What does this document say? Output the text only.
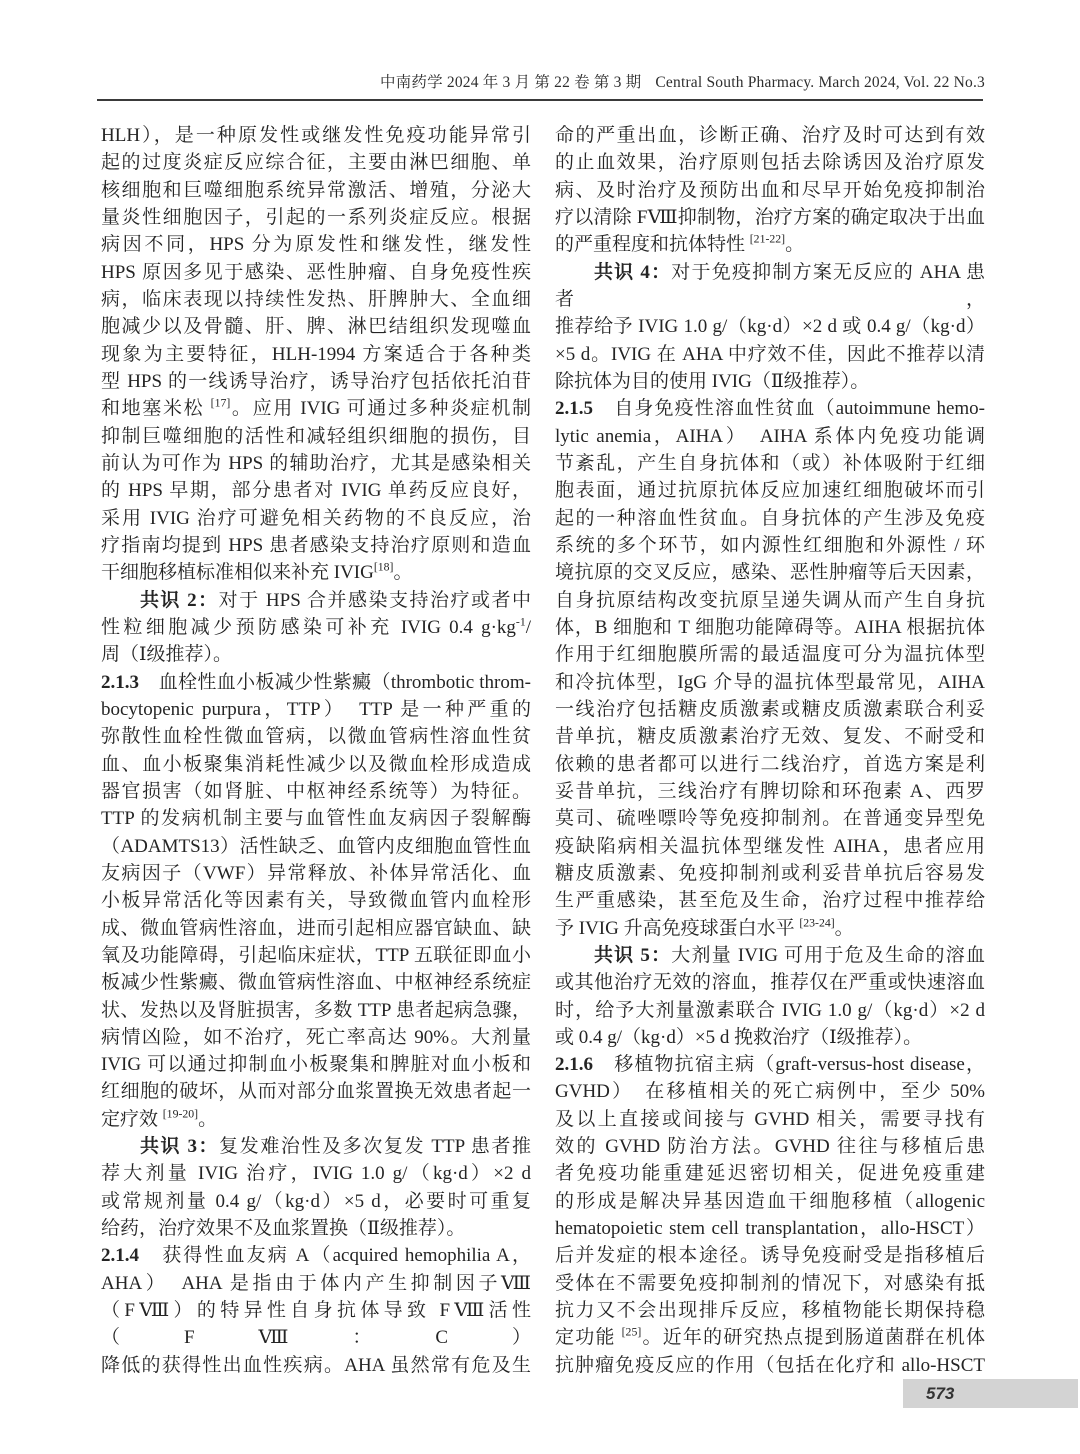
中南药学 2024 年 3 月 第 22 卷 第 3 期 Central South Pharmacy. March 2024, Vol. 22 No.3
HLH），是一种原发性或继发性免疫功能异常引
起的过度炎症反应综合征，主要由淋巴细胞、单
核细胞和巨噬细胞系统异常激活、增殖，分泌大
量炎性细胞因子，引起的一系列炎症反应。根据
病因不同，HPS 分为原发性和继发性，继发性
HPS 原因多见于感染、恶性肿瘤、自身免疫性疾
病，临床表现以持续性发热、肝脾肿大、全血细
胞减少以及骨髓、肝、脾、淋巴结组织发现噬血
现象为主要特征，HLH-1994 方案适合于各种类
型 HPS 的一线诱导治疗，诱导治疗包括依托泊苷
和地塞米松 [17]。应用 IVIG 可通过多种炎症机制
抑制巨噬细胞的活性和减轻组织细胞的损伤，目
前认为可作为 HPS 的辅助治疗，尤其是感染相关
的 HPS 早期，部分患者对 IVIG 单药反应良好，
采用 IVIG 治疗可避免相关药物的不良反应，治
疗指南均提到 HPS 患者感染支持治疗原则和造血
干细胞移植标准相似来补充 IVIG[18]。
共识 2：对于 HPS 合并感染支持治疗或者中
性粒细胞减少预防感染可补充 IVIG 0.4 $g\cdot kg^{-1}/$
周（Ⅰ级推荐）。
2.1.3　血栓性血小板减少性紫癜（thrombotic throm-
bocytopenic purpura，TTP）　TTP 是一种严重的
弥散性血栓性微血管病，以微血管病性溶血性贫
血、血小板聚集消耗性减少以及微血栓形成造成
器官损害（如肾脏、中枢神经系统等）为特征。
TTP 的发病机制主要与血管性血友病因子裂解酶
（ADAMTS13）活性缺乏、血管内皮细胞血管性血
友病因子（VWF）异常释放、补体异常活化、血
小板异常活化等因素有关，导致微血管内血栓形
成、微血管病性溶血，进而引起相应器官缺血、缺
氧及功能障碍，引起临床症状，TTP 五联征即血小
板减少性紫癜、微血管病性溶血、中枢神经系统症
状、发热以及肾脏损害，多数 TTP 患者起病急骤，
病情凶险，如不治疗，死亡率高达 90%。大剂量
IVIG 可以通过抑制血小板聚集和脾脏对血小板和
红细胞的破坏，从而对部分血浆置换无效患者起一
定疗效 [19-20]。
共识 3：复发难治性及多次复发 TTP 患者推
荐大剂量 IVIG 治疗，IVIG 1.0 g/（kg·d）×2 d
或常规剂量 0.4 g/（kg·d）×5 d，必要时可重复
给药，治疗效果不及血浆置换（Ⅱ级推荐）。
2.1.4　获得性血友病 A（acquired hemophilia A，
AHA）　AHA 是指由于体内产生抑制因子Ⅷ
（FⅧ）的特异性自身抗体导致 FⅧ活性（FⅧ：C）
降低的获得性出血性疾病。AHA 虽然常有危及生
命的严重出血，诊断正确、治疗及时可达到有效
的止血效果，治疗原则包括去除诱因及治疗原发
病、及时治疗及预防出血和尽早开始免疫抑制治
疗以清除 FⅧ抑制物，治疗方案的确定取决于出血
的严重程度和抗体特性 [21-22]。
共识 4：对于免疫抑制方案无反应的 AHA 患者，
推荐给予 IVIG 1.0 g/（kg·d）×2 d 或 0.4 g/（kg·d）
×5 d。IVIG 在 AHA 中疗效不佳，因此不推荐以清
除抗体为目的使用 IVIG（Ⅱ级推荐）。
2.1.5　自身免疫性溶血性贫血（autoimmune hemo-
lytic anemia，AIHA）　AIHA 系体内免疫功能调
节紊乱，产生自身抗体和（或）补体吸附于红细
胞表面，通过抗原抗体反应加速红细胞破坏而引
起的一种溶血性贫血。自身抗体的产生涉及免疫
系统的多个环节，如内源性红细胞和外源性 / 环
境抗原的交叉反应，感染、恶性肿瘤等后天因素，
自身抗原结构改变抗原呈递失调从而产生自身抗
体，B 细胞和 T 细胞功能障碍等。AIHA 根据抗体
作用于红细胞膜所需的最适温度可分为温抗体型
和冷抗体型，IgG 介导的温抗体型最常见，AIHA
一线治疗包括糖皮质激素或糖皮质激素联合利妥
昔单抗，糖皮质激素治疗无效、复发、不耐受和
依赖的患者都可以进行二线治疗，首选方案是利
妥昔单抗，三线治疗有脾切除和环孢素 A、西罗
莫司、硫唑嘌呤等免疫抑制剂。在普通变异型免
疫缺陷病相关温抗体型继发性 AIHA，患者应用
糖皮质激素、免疫抑制剂或利妥昔单抗后容易发
生严重感染，甚至危及生命，治疗过程中推荐给
予 IVIG 升高免疫球蛋白水平 [23-24]。
共识 5：大剂量 IVIG 可用于危及生命的溶血
或其他治疗无效的溶血，推荐仅在严重或快速溶血
时，给予大剂量激素联合 IVIG 1.0 g/（kg·d）×2 d
或 0.4 g/（kg·d）×5 d 挽救治疗（Ⅰ级推荐）。
2.1.6　移植物抗宿主病（graft-versus-host disease，
GVHD）　在移植相关的死亡病例中，至少 50%
及以上直接或间接与 GVHD 相关，需要寻找有
效的 GVHD 防治方法。GVHD 往往与移植后患
者免疫功能重建延迟密切相关，促进免疫重建
的形成是解决异基因造血干细胞移植（allogenic
hematopoietic stem cell transplantation，allo-HSCT）
后并发症的根本途径。诱导免疫耐受是指移植后
受体在不需要免疫抑制剂的情况下，对感染有抵
抗力又不会出现排斥反应，移植物能长期保持稳
定功能 [25]。近年的研究热点提到肠道菌群在机体
抗肿瘤免疫反应的作用（包括在化疗和 allo-HSCT
573
